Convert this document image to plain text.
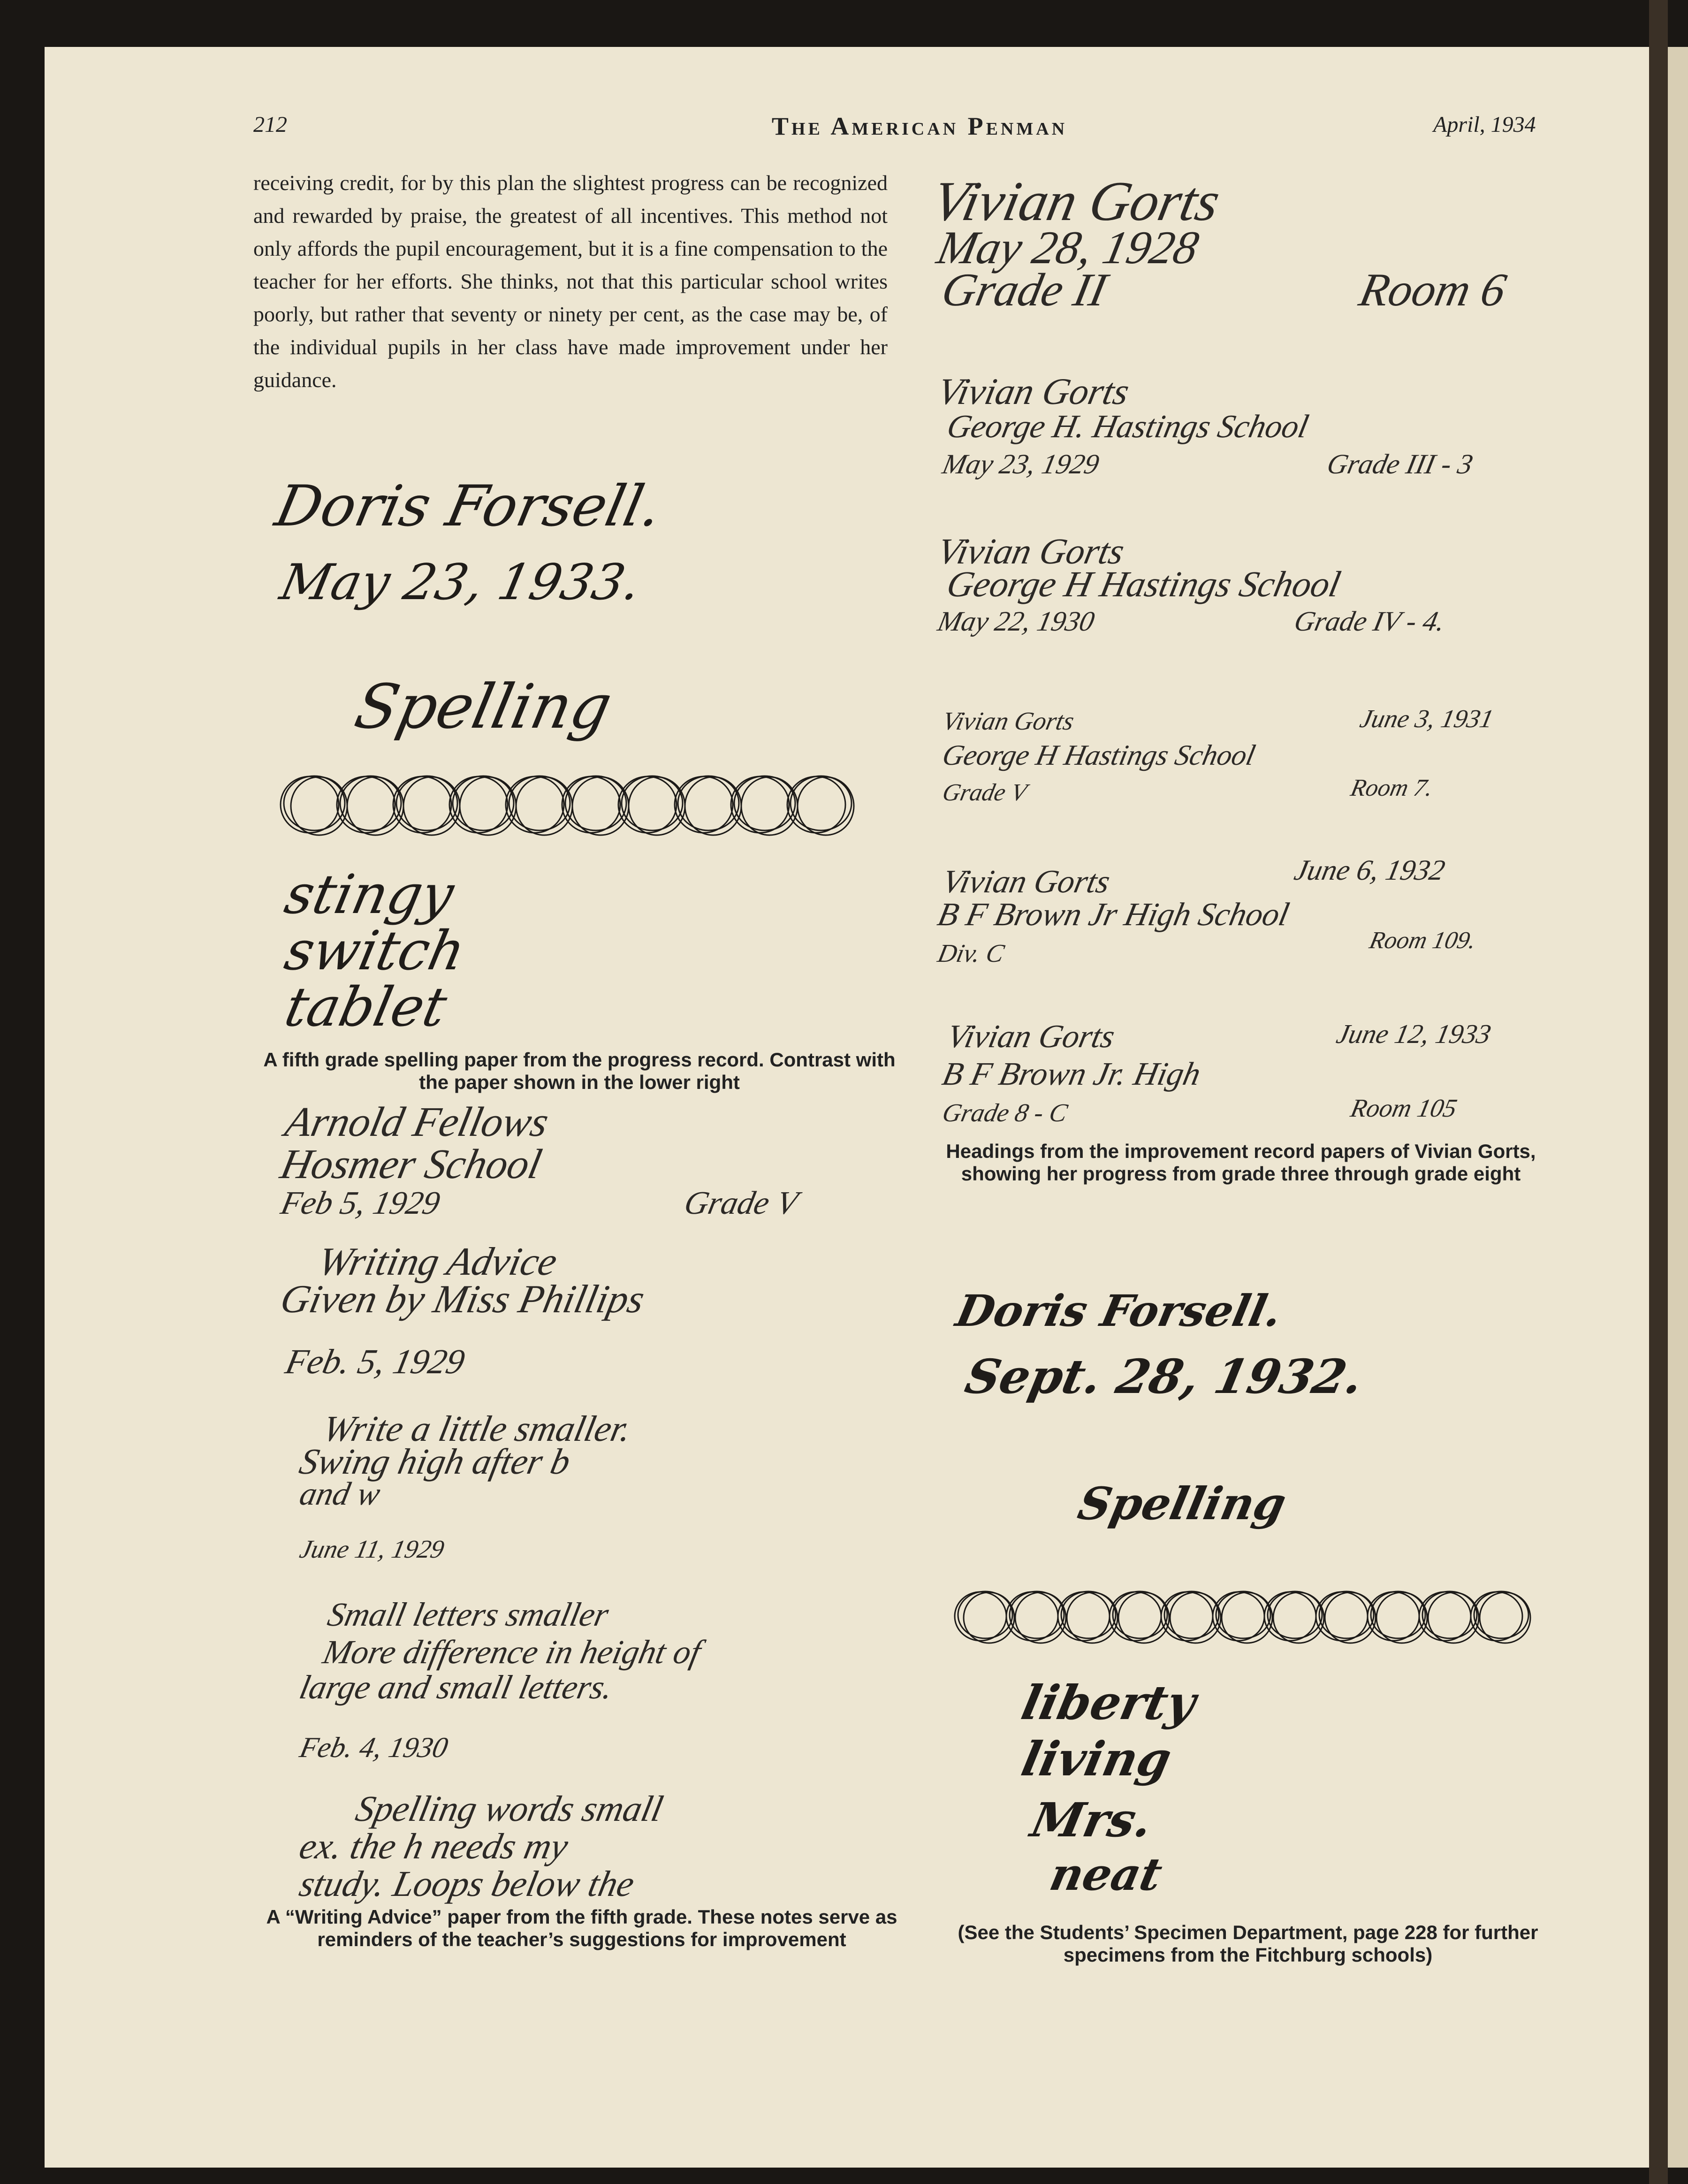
212	The American Penman	April, 1934
receiving credit, for by this plan the slightest progress can be recognized and rewarded by praise, the greatest of all incentives. This method not only affords the pupil encouragement, but it is a fine compensation to the teacher for her efforts. She thinks, not that this particular school writes poorly, but rather that seventy or ninety per cent, as the case may be, of the individual pupils in her class have made improvement under her guidance.
Doris Forsell.
May 23, 1933.
Spelling
stingy
switch
tablet
A fifth grade spelling paper from the progress record. Contrast with the paper shown in the lower right
Arnold Fellows
Hosmer School
Feb 5, 1929	Grade V
Writing Advice
Given by Miss Phillips
Feb. 5, 1929
Write a little smaller.
Swing high after b
and w
June 11, 1929
Small letters smaller
More difference in height of
large and small letters.
Feb. 4, 1930
Spelling words small
ex. the h needs my
study. Loops below the
A “Writing Advice” paper from the fifth grade. These notes serve as reminders of the teacher’s suggestions for improvement
Vivian Gorts
May 28, 1928
Grade II	Room 6
Vivian Gorts
George H. Hastings School
May 23, 1929	Grade III - 3
Vivian Gorts
George H Hastings School
May 22, 1930	Grade IV - 4.
Vivian Gorts	June 3, 1931
George H Hastings School
Grade V	Room 7.
Vivian Gorts	June 6, 1932
B F Brown Jr High School
Div. C	Room 109.
Vivian Gorts	June 12, 1933
B F Brown Jr. High
Grade 8 - C	Room 105
Headings from the improvement record papers of Vivian Gorts, showing her progress from grade three through grade eight
Doris Forsell.
Sept. 28, 1932.
Spelling
liberty
living
Mrs.
neat
(See the Students’ Specimen Department, page 228 for further specimens from the Fitchburg schools)
